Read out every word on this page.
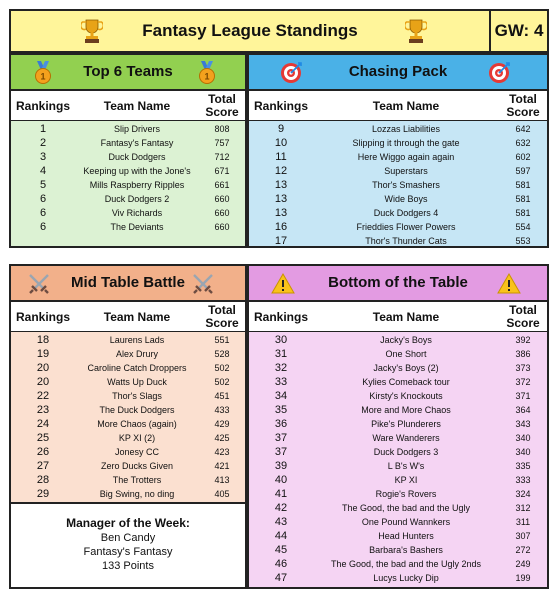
Fantasy League Standings	GW: 4
1	Top 6 Teams	1
Rankings	Team Name	Total
Score
1	Slip Drivers	808
2	Fantasy's Fantasy	757
3	Duck Dodgers	712
4	Keeping up with the Jone's	671
5	Mills Raspberry Ripples	661
6	Duck Dodgers 2	660
6	Viv Richards	660
6	The Deviants	660
Chasing Pack
Rankings	Team Name	Total
Score
9	Lozzas Liabilities	642
10	Slipping it through the gate	632
11	Here Wiggo again again	602
12	Superstars	597
13	Thor's Smashers	581
13	Wide Boys	581
13	Duck Dodgers 4	581
16	Frieddies Flower Powers	554
17	Thor's Thunder Cats	553
Mid Table Battle
Rankings	Team Name	Total
Score
18	Laurens Lads	551
19	Alex Drury	528
20	Caroline Catch Droppers	502
20	Watts Up Duck	502
22	Thor's Slags	451
23	The Duck Dodgers	433
24	More Chaos (again)	429
25	KP XI (2)	425
26	Jonesy CC	423
27	Zero Ducks Given	421
28	The Trotters	413
29	Big Swing, no ding	405
Manager of the Week:
Ben Candy
Fantasy's Fantasy
133 Points
Bottom of the Table
Rankings	Team Name	Total
Score
30	Jacky's Boys	392
31	One Short	386
32	Jacky's Boys (2)	373
33	Kylies Comeback tour	372
34	Kirsty's Knockouts	371
35	More and More Chaos	364
36	Pike's Plunderers	343
37	Ware Wanderers	340
37	Duck Dodgers 3	340
39	L B's W's	335
40	KP XI	333
41	Rogie's Rovers	324
42	The Good, the bad and the Ugly	312
43	One Pound Wannkers	311
44	Head Hunters	307
45	Barbara's Bashers	272
46	The Good, the bad and the Ugly 2nds	249
47	Lucys Lucky Dip	199
